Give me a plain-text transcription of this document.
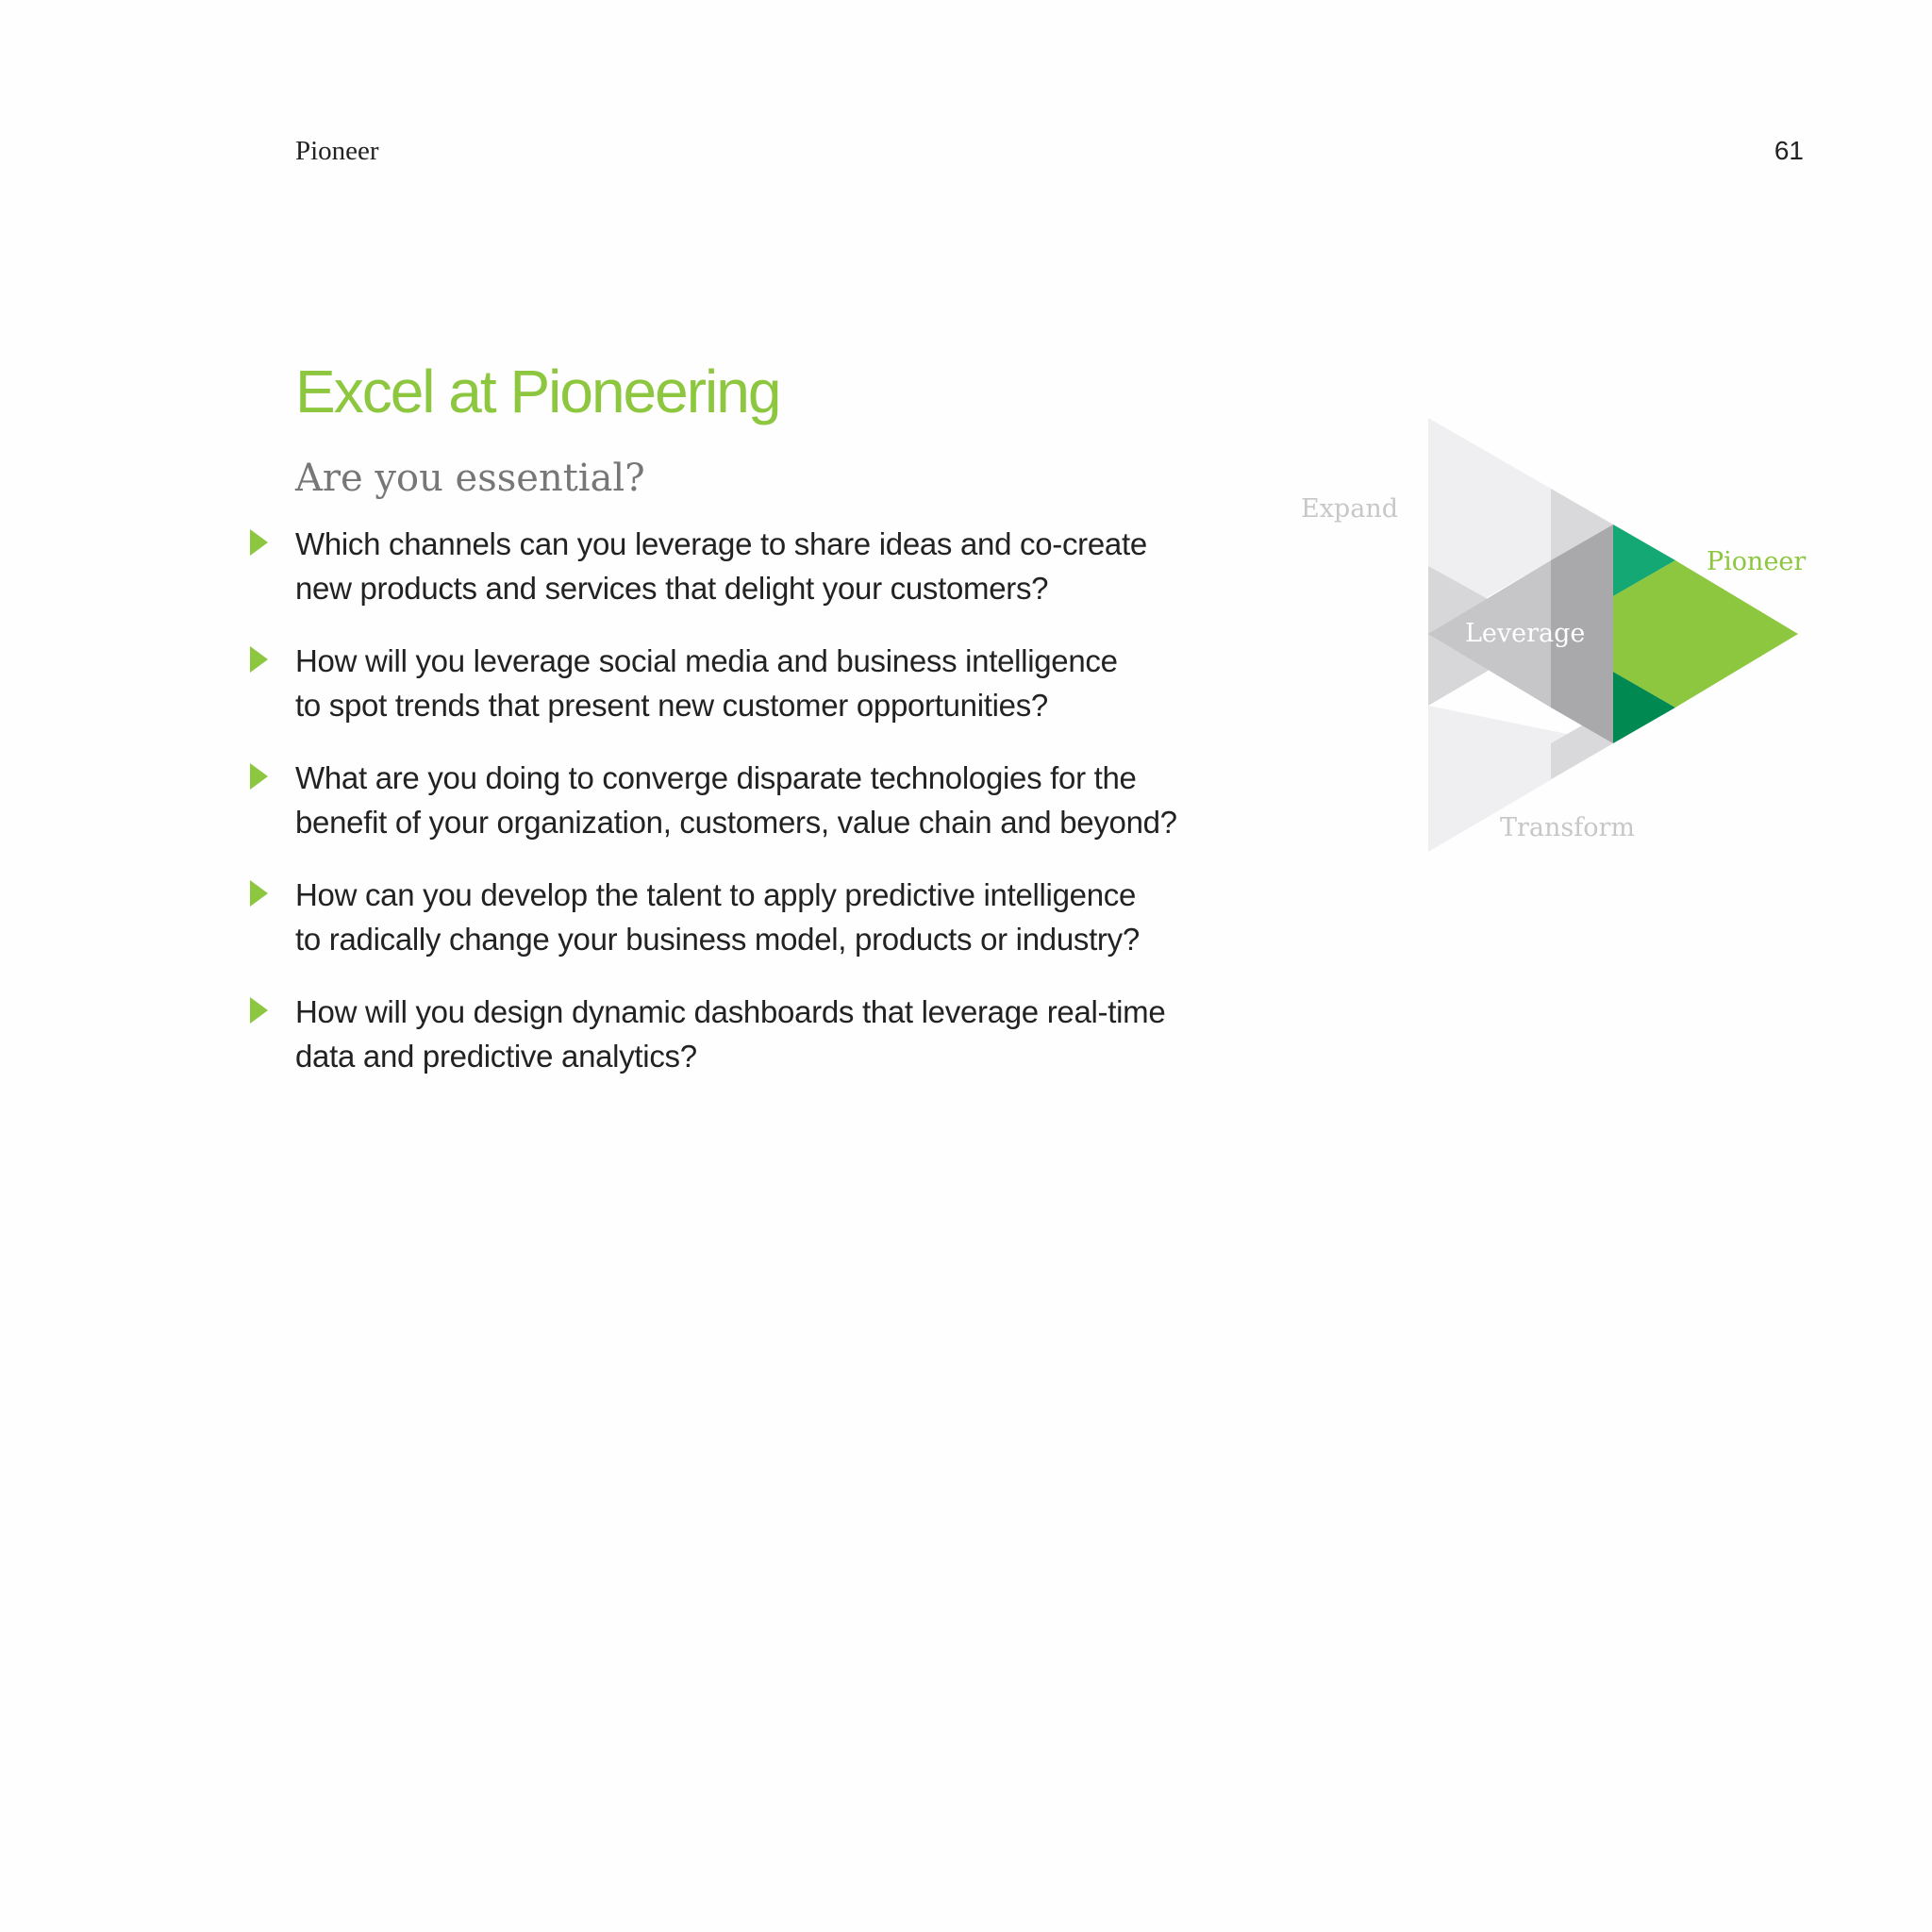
Pioneer	61

Excel at Pioneering
Are you essential?
Which channels can you leverage to share ideas and co-create
new products and services that delight your customers?
How will you leverage social media and business intelligence
to spot trends that present new customer opportunities?
What are you doing to converge disparate technologies for the
benefit of your organization, customers, value chain and beyond?
How can you develop the talent to apply predictive intelligence
to radically change your business model, products or industry?
How will you design dynamic dashboards that leverage real-time
data and predictive analytics?
Expand
Leverage
Pioneer
Transform
